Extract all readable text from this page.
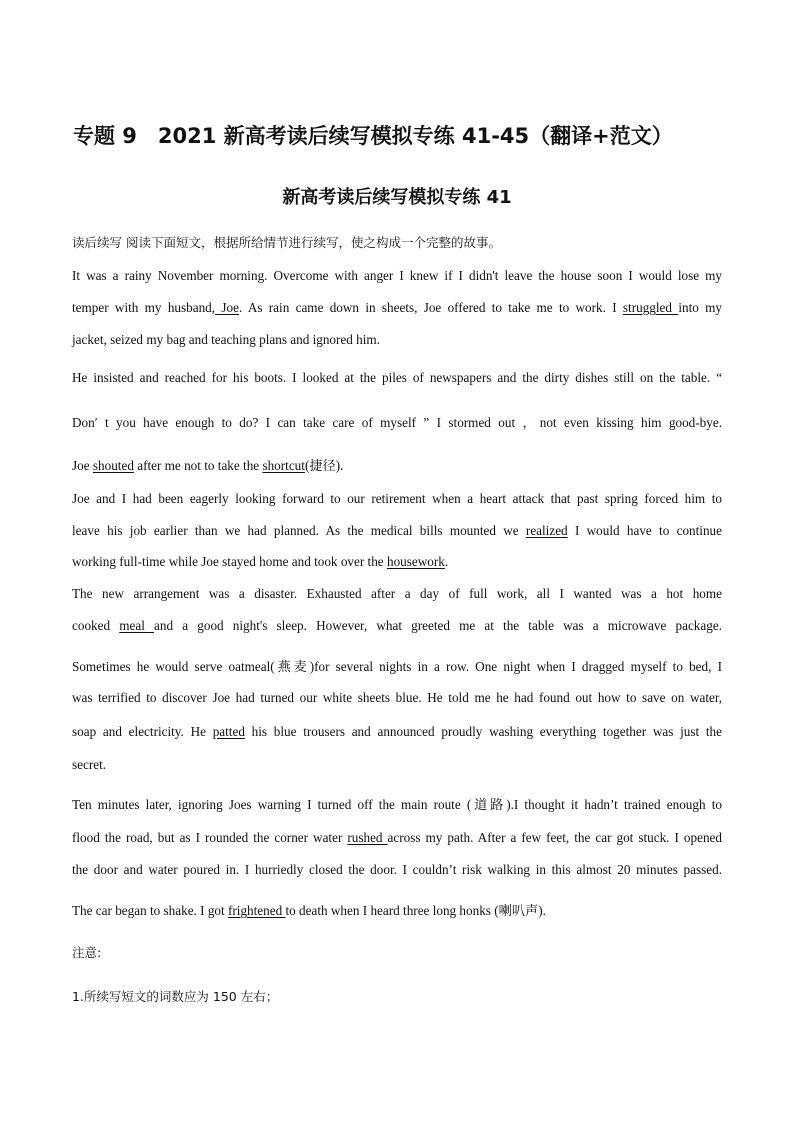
专题 9　2021 新高考读后续写模拟专练 41-45（翻译+范文）
新高考读后续写模拟专练 41
读后续写 阅读下面短文，根据所给情节进行续写，使之构成一个完整的故事。
It was a rainy November morning. Overcome with anger I knew if I didn't leave the house soon I would lose my
temper with my husband, Joe. As rain came down in sheets, Joe offered to take me to work. I struggled into my
jacket, seized my bag and teaching plans and ignored him.
He insisted and reached for his boots. I looked at the piles of newspapers and the dirty dishes still on the table. “
Don′ t you have enough to do? I can take care of myself ” I stormed out ，not even kissing him good-bye.
Joe shouted after me not to take the shortcut(捷径).
Joe and I had been eagerly looking forward to our retirement when a heart attack that past spring forced him to
leave his job earlier than we had planned. As the medical bills mounted we realized I would have to continue
working full-time while Joe stayed home and took over the housework.
The new arrangement was a disaster. Exhausted after a day of full work, all I wanted was a hot home
cooked meal and a good night's sleep. However, what greeted me at the table was a microwave package.
Sometimes he would serve oatmeal(燕麦)for several nights in a row. One night when I dragged myself to bed, I
was terrified to discover Joe had turned our white sheets blue. He told me he had found out how to save on water,
soap and electricity. He patted his blue trousers and announced proudly washing everything together was just the
secret.
Ten minutes later, ignoring Joes warning I turned off the main route (道路).I thought it hadn’t trained enough to
flood the road, but as I rounded the corner water rushed across my path. After a few feet, the car got stuck. I opened
the door and water poured in. I hurriedly closed the door. I couldn’t risk walking in this almost 20 minutes passed.
The car began to shake. I got frightened to death when I heard three long honks (喇叭声).
注意:
1.所续写短文的词数应为 150 左右；
